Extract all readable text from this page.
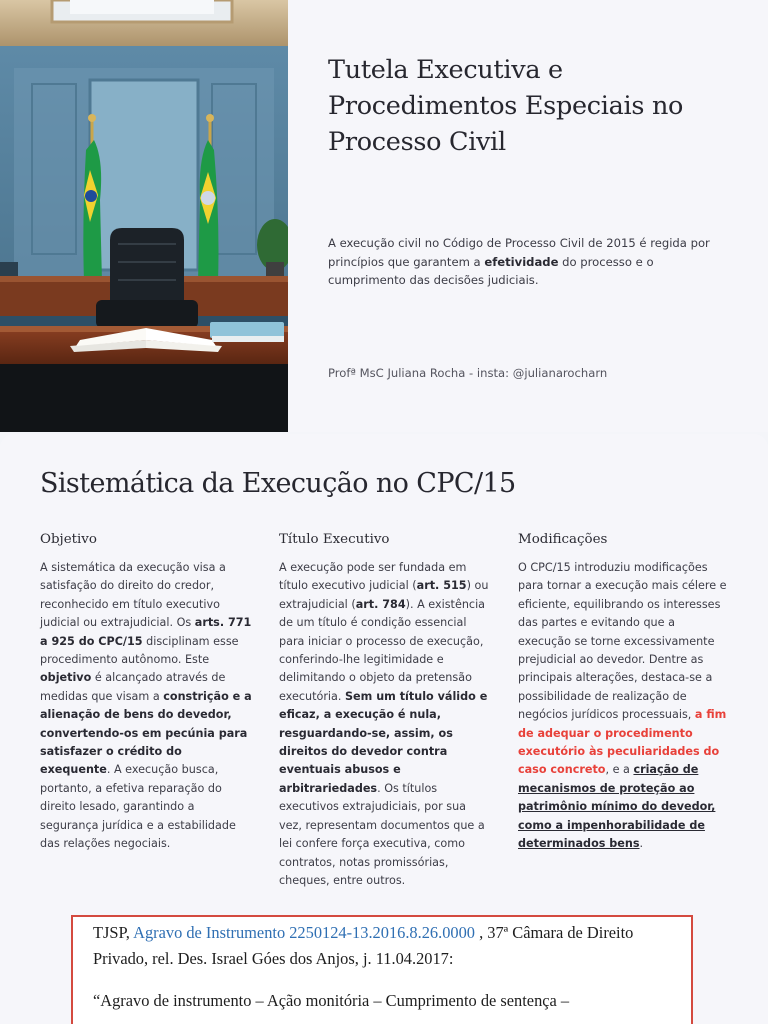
Tutela Executiva e
Procedimentos Especiais no
Processo Civil

A execução civil no Código de Processo Civil de 2015 é regida por princípios que garantem a efetividade do processo e o cumprimento das decisões judiciais.

Profª MsC Juliana Rocha - insta: @julianarocharn

Sistemática da Execução no CPC/15
Objetivo

A sistemática da execução visa a satisfação do direito do credor, reconhecido em título executivo judicial ou extrajudicial. Os arts. 771 a 925 do CPC/15 disciplinam esse procedimento autônomo. Este objetivo é alcançado através de medidas que visam a constrição e a alienação de bens do devedor, convertendo-os em pecúnia para satisfazer o crédito do exequente. A execução busca, portanto, a efetiva reparação do direito lesado, garantindo a segurança jurídica e a estabilidade das relações negociais.

Título Executivo

A execução pode ser fundada em título executivo judicial (art. 515) ou extrajudicial (art. 784). A existência de um título é condição essencial para iniciar o processo de execução, conferindo-lhe legitimidade e delimitando o objeto da pretensão executória. Sem um título válido e eficaz, a execução é nula, resguardando-se, assim, os direitos do devedor contra eventuais abusos e arbitrariedades. Os títulos executivos extrajudiciais, por sua vez, representam documentos que a lei confere força executiva, como contratos, notas promissórias, cheques, entre outros.

Modificações

O CPC/15 introduziu modificações para tornar a execução mais célere e eficiente, equilibrando os interesses das partes e evitando que a execução se torne excessivamente prejudicial ao devedor. Dentre as principais alterações, destaca-se a possibilidade de realização de negócios jurídicos processuais, a fim de adequar o procedimento executório às peculiaridades do caso concreto, e a criação de mecanismos de proteção ao patrimônio mínimo do devedor, como a impenhorabilidade de determinados bens.

TJSP, Agravo de Instrumento 2250124-13.2016.8.26.0000 , 37ª Câmara de Direito Privado, rel. Des. Israel Góes dos Anjos, j. 11.04.2017:

“Agravo de instrumento – Ação monitória – Cumprimento de sentença –
